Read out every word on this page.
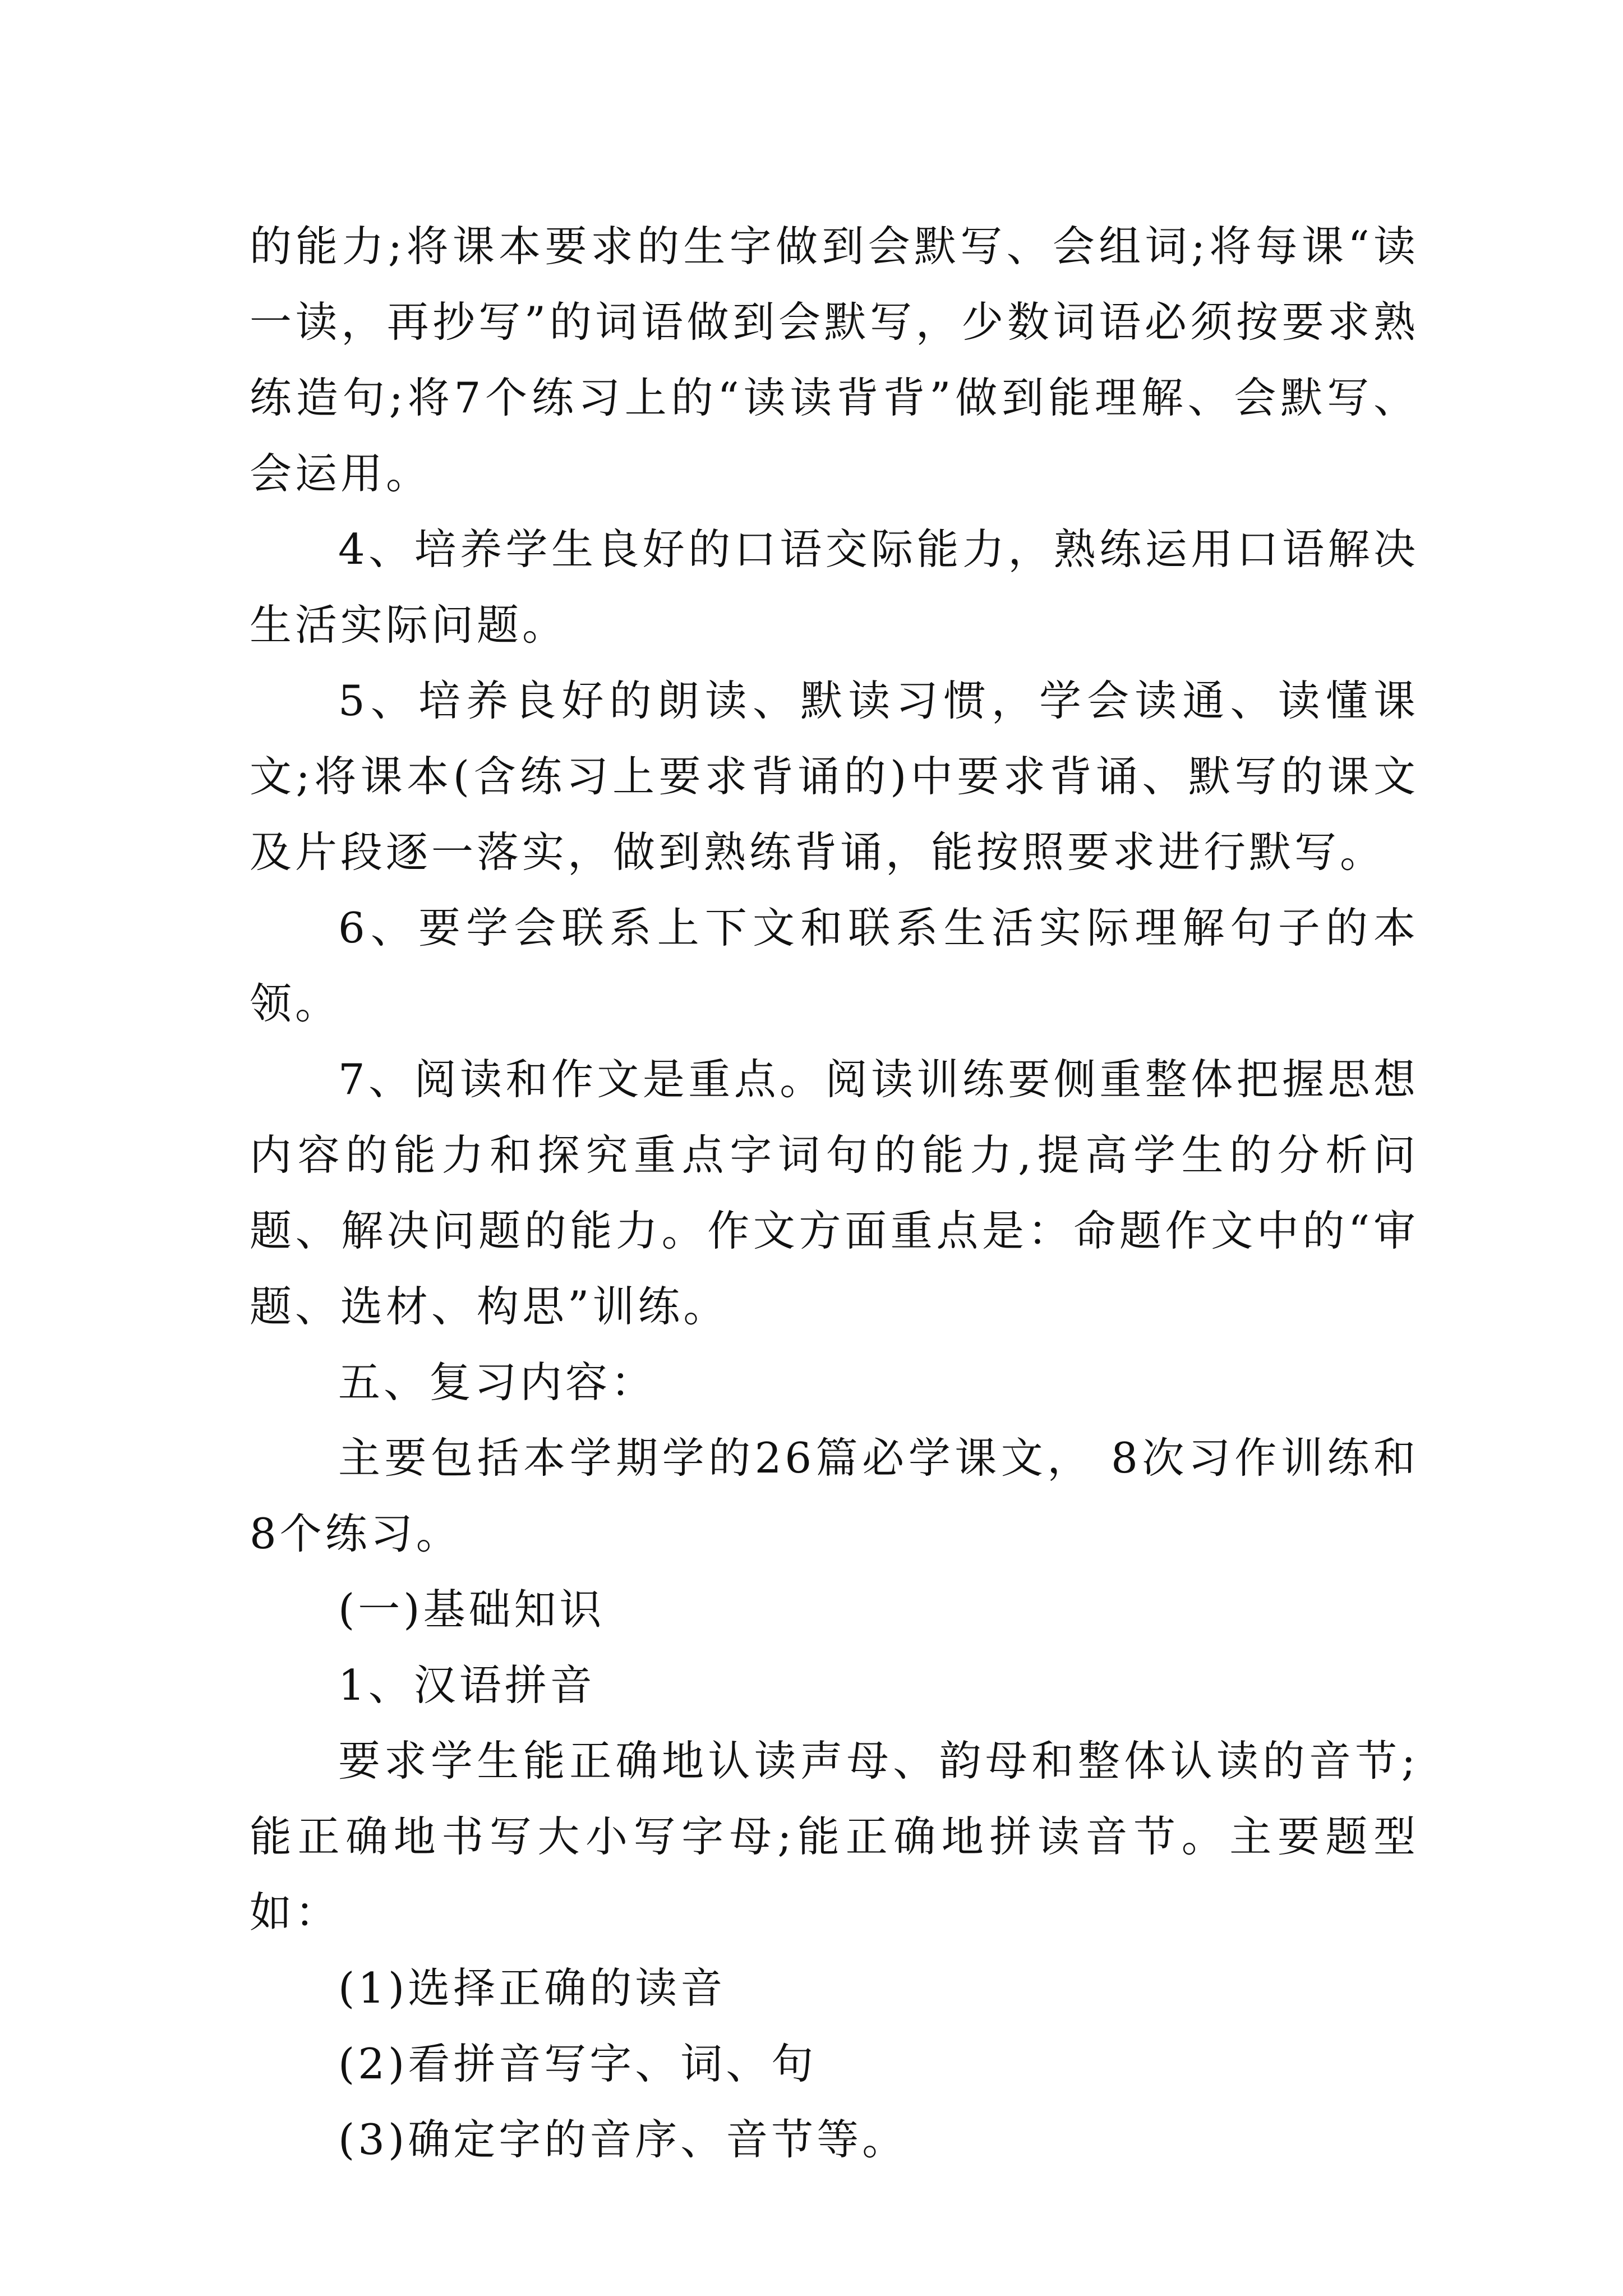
的能力;将课本要求的生字做到会默写、会组词;将每课“读一读，再抄写”的词语做到会默写，少数词语必须按要求熟练造句;将7个练习上的“读读背背”做到能理解、会默写、会运用。

4、培养学生良好的口语交际能力，熟练运用口语解决生活实际问题。

5、培养良好的朗读、默读习惯，学会读通、读懂课文;将课本(含练习上要求背诵的)中要求背诵、默写的课文及片段逐一落实，做到熟练背诵，能按照要求进行默写。

6、要学会联系上下文和联系生活实际理解句子的本领。

7、阅读和作文是重点。阅读训练要侧重整体把握思想内容的能力和探究重点字词句的能力,提高学生的分析问题、解决问题的能力。作文方面重点是：命题作文中的“审题、选材、构思”训练。

五、复习内容：

主要包括本学期学的26篇必学课文， 8次习作训练和8个练习。

(一)基础知识

1、汉语拼音

要求学生能正确地认读声母、韵母和整体认读的音节;能正确地书写大小写字母;能正确地拼读音节。主要题型如：

(1)选择正确的读音

(2)看拼音写字、词、句

(3)确定字的音序、音节等。
